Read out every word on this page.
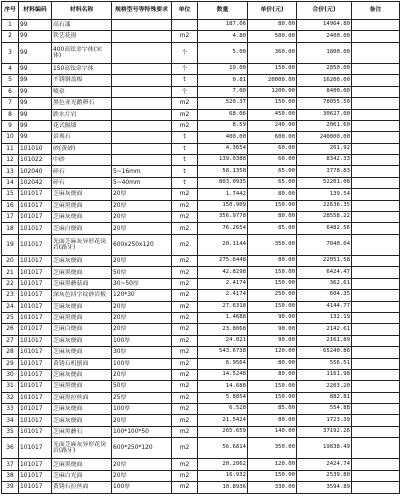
序号	材料编码	材料名称	规格型号等特殊要求	单位	数量	单价(元)	合价(元)	备注
1	99	高石漆			187.06	80.00	14964.80	
2	99	铁艺花窗		m2	4.80	500.00	2400.00	
3	99	400高钛金字体(宋体)		个	5.00	360.00	1800.00	
4	99	150高钛金字体		个	19.00	150.00	2850.00	
5	99	不锈钢盖板		t	0.81	20000.00	16200.00	
6	99	喷泉		个	7.00	1200.00	8400.00	
7	99	黑色亚光鹅卵石		m2	520.37	150.00	78055.50	
8	99	跌水片岩		m2	68.06	450.00	30627.00	
9	99	花式隔墙		m2	8.59	240.00	2061.60	
10	99	景观石		t	400.00	600.00	240000.00	
11	101010	砂(黄砂)		t	4.3654	60.00	261.92	
12	101022	中砂		t	139.0388	60.00	8342.33	
13	102040	碎石	5~16mm	t	58.1358	65.00	3778.83	
14	102042	碎石	5~40mm	t	803.0935	65.00	52201.08	
15	101017	芝麻灰烧面	20厚	m2	1.7442	80.00	139.54	
16	101017	芝麻黑烧面	20厚	m2	150.909	150.00	22636.35	
17	101017	芝麻灰烧面	20厚	m2	356.9778	80.00	28558.22	
18	101017	芝麻白烧面	20厚	m2	76.2654	85.00	6482.56	
19	101017	光面芝麻灰异形花岗岩(路牙)	600x250x120	m2	20.1144	350.00	7040.04	
20	101017	芝麻灰烧面	20厚	m2	275.6448	80.00	22051.58	
21	101017	芝麻黑烧面	50厚	m2	42.8298	150.00	6424.47	
22	101017	芝麻黑蘑菇面	30~50厚	m2	2.4174	150.00	362.61	
23	101017	深灰色回字纹砂岩板	120*30	m2	2.4174	250.00	604.35	
24	101017	芝麻灰烧面	20厚	m2	27.6318	150.00	4144.77	
25	101017	芝麻黑烧面	20厚	m2	1.4688	90.00	132.19	
26	101017	芝麻白烧面	20厚	m2	23.8068	90.00	2142.61	
27	101017	芝麻灰烧面	100厚	m2	24.021	90.00	2161.89	
28	101017	芝麻灰烧面	30厚	m2	543.6738	120.00	65240.86	
29	101017	黄锈石机刨面	100厚	m2	6.9564	80.00	556.51	
30	101017	芝麻灰烧面	20厚	m2	14.5248	80.00	1161.98	
31	101017	芝麻黑烧面	50厚	m2	14.688	150.00	2203.20	
32	101017	芝麻黑拉丝面	25厚	m2	5.8854	150.00	882.81	
33	101017	芝麻灰烧面	100厚	m2	6.528	85.00	554.88	
34	101017	芝麻灰烧面	20厚	m2	21.5424	80.00	1723.39	
35	101017	芝麻黑蘑石	100*100*50	m2	265.659	140.00	37192.26	
36	101017	光面芝麻灰异形花岗岩(路牙)	600*250*120	m2	56.6814	350.00	19838.49	
37	101017	芝麻黑烧面	20厚	m2	20.2062	120.00	2424.74	
38	101017	芝麻白光面	20厚	m2	16.932	150.00	2539.80	
39	101017	黄锈石拉丝面	100厚	m2	10.8936	330.00	3594.89	
